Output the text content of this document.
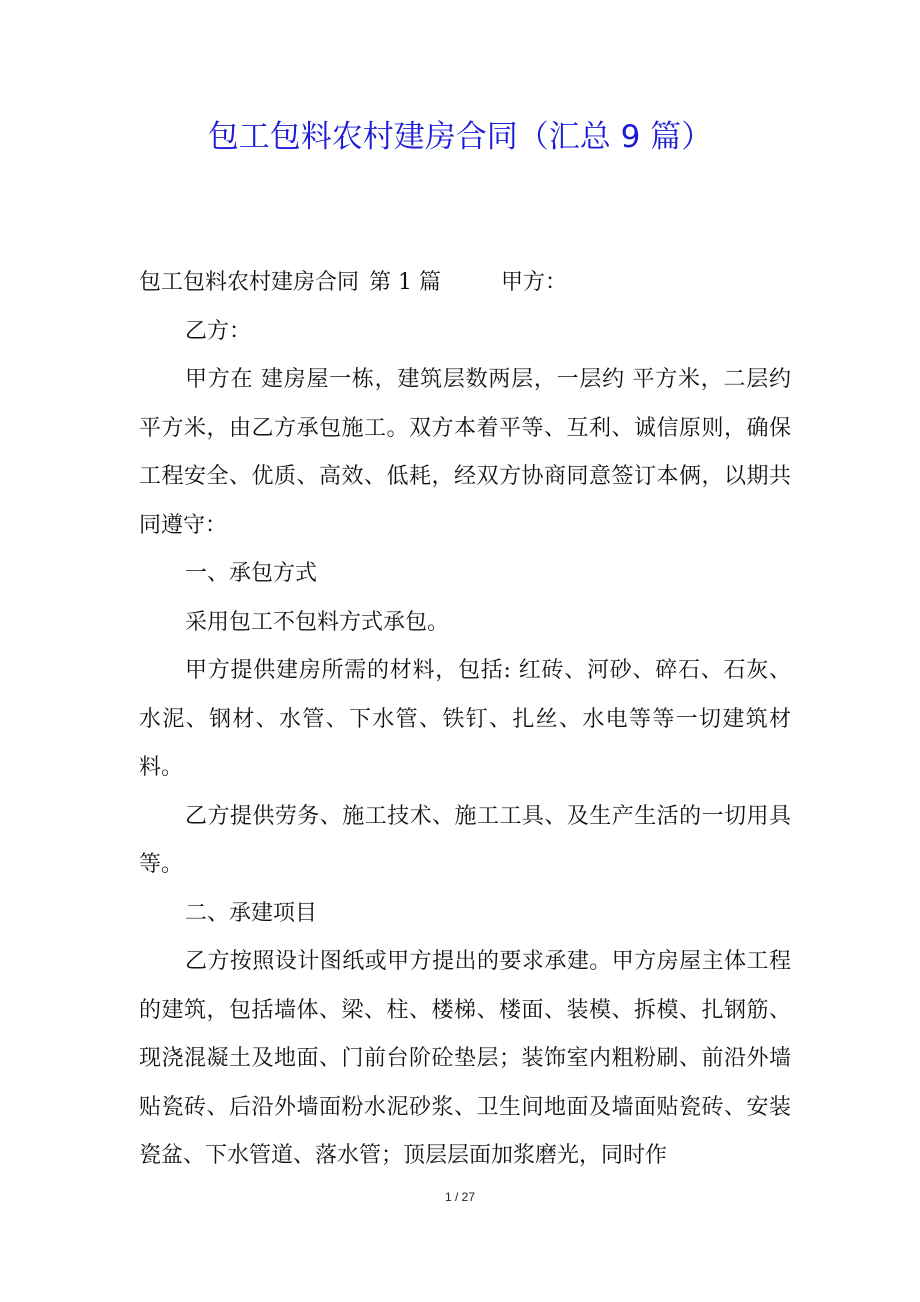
包工包料农村建房合同（汇总 9 篇）

包工包料农村建房合同 第 1 篇	甲方：

乙方：

甲方在 建房屋一栋，建筑层数两层，一层约 平方米，二层约 平方米，由乙方承包施工。双方本着平等、互利、诚信原则，确保工程安全、优质、高效、低耗，经双方协商同意签订本俩，以期共同遵守：

一、承包方式

采用包工不包料方式承包。

甲方提供建房所需的材料，包括: 红砖、河砂、碎石、石灰、水泥、钢材、水管、下水管、铁钉、扎丝、水电等等一切建筑材料。

乙方提供劳务、施工技术、施工工具、及生产生活的一切用具等。

二、承建项目

乙方按照设计图纸或甲方提出的要求承建。甲方房屋主体工程的建筑，包括墙体、梁、柱、楼梯、楼面、装模、拆模、扎钢筋、现浇混凝土及地面、门前台阶砼垫层；装饰室内粗粉刷、前沿外墙贴瓷砖、后沿外墙面粉水泥砂浆、卫生间地面及墙面贴瓷砖、安装瓷盆、下水管道、落水管；顶层层面加浆磨光，同时作

1 / 27
